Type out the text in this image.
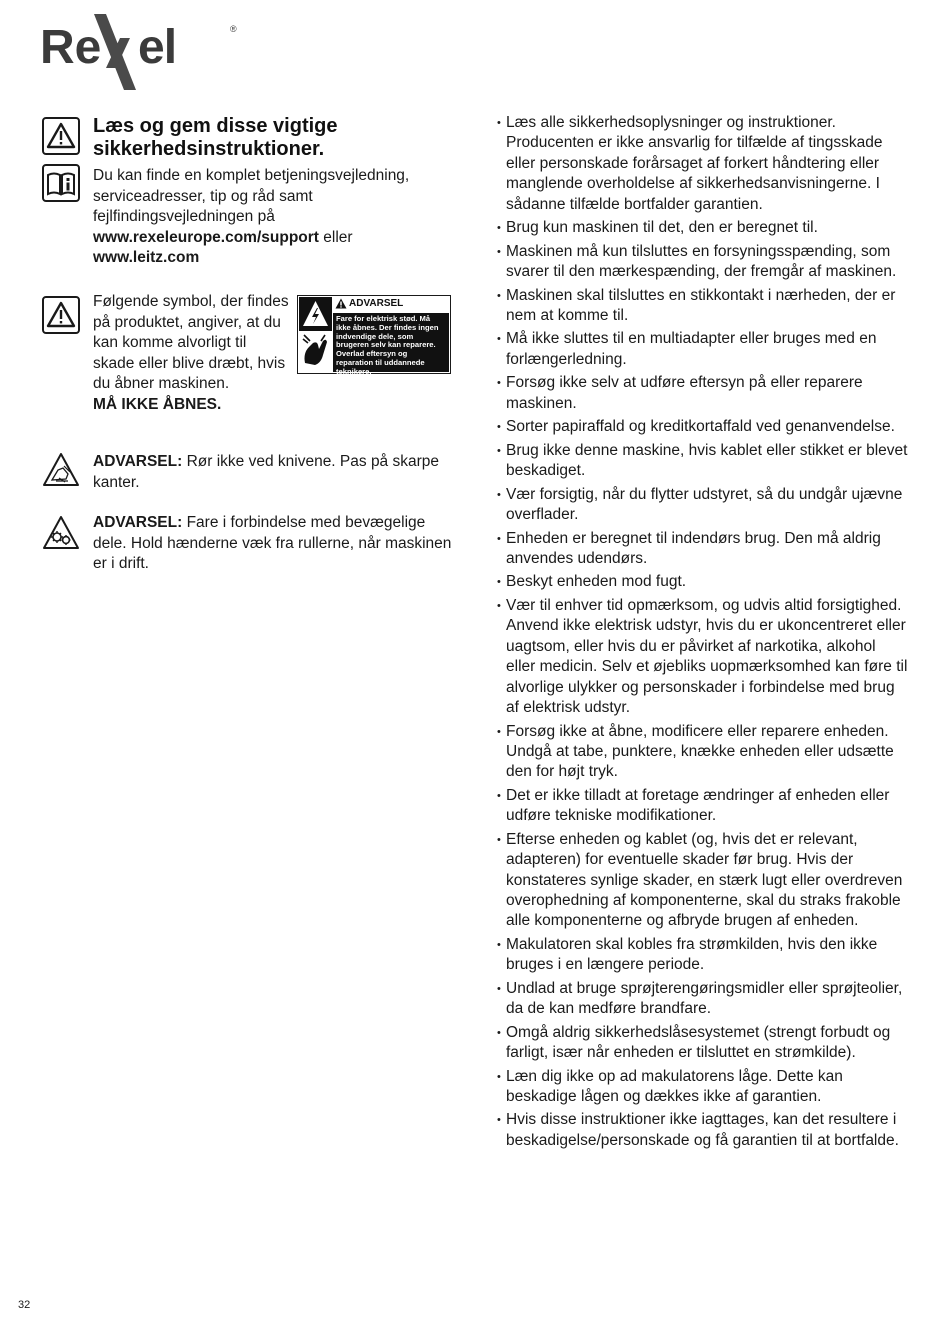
Re el	®
Læs og gem disse vigtige sikkerhedsinstruktioner.
Du kan finde en komplet betjeningsvejledning, serviceadresser, tip og råd samt fejlfindingsvejledningen på
www.rexeleurope.com/support eller
www.leitz.com
Følgende symbol, der findes på produktet, angiver, at du kan komme alvorligt til skade eller blive dræbt, hvis du åbner maskinen.
MÅ IKKE ÅBNES.
ADVARSEL
Fare for elektrisk stød. Må ikke åbnes. Der findes ingen indvendige dele, som brugeren selv kan reparere. Overlad eftersyn og reparation til uddannede teknikere.
ADVARSEL: Rør ikke ved knivene. Pas på skarpe kanter.
ADVARSEL: Fare i forbindelse med bevægelige dele. Hold hænderne væk fra rullerne, når maskinen er i drift.
• Læs alle sikkerhedsoplysninger og instruktioner. Producenten er ikke ansvarlig for tilfælde af tingsskade eller personskade forårsaget af forkert håndtering eller manglende overholdelse af sikkerhedsanvisningerne. I sådanne tilfælde bortfalder garantien.
• Brug kun maskinen til det, den er beregnet til.
• Maskinen må kun tilsluttes en forsyningsspænding, som svarer til den mærkespænding, der fremgår af maskinen.
• Maskinen skal tilsluttes en stikkontakt i nærheden, der er nem at komme til.
• Må ikke sluttes til en multiadapter eller bruges med en forlængerledning.
• Forsøg ikke selv at udføre eftersyn på eller reparere maskinen.
• Sorter papiraffald og kreditkortaffald ved genanvendelse.
• Brug ikke denne maskine, hvis kablet eller stikket er blevet beskadiget.
• Vær forsigtig, når du flytter udstyret, så du undgår ujævne overflader.
• Enheden er beregnet til indendørs brug. Den må aldrig anvendes udendørs.
• Beskyt enheden mod fugt.
• Vær til enhver tid opmærksom, og udvis altid forsigtighed. Anvend ikke elektrisk udstyr, hvis du er ukoncentreret eller uagtsom, eller hvis du er påvirket af narkotika, alkohol eller medicin. Selv et øjebliks uopmærksomhed kan føre til alvorlige ulykker og personskader i forbindelse med brug af elektrisk udstyr.
• Forsøg ikke at åbne, modificere eller reparere enheden. Undgå at tabe, punktere, knække enheden eller udsætte den for højt tryk.
• Det er ikke tilladt at foretage ændringer af enheden eller udføre tekniske modifikationer.
• Efterse enheden og kablet (og, hvis det er relevant, adapteren) for eventuelle skader før brug. Hvis der konstateres synlige skader, en stærk lugt eller overdreven overophedning af komponenterne, skal du straks frakoble alle komponenterne og afbryde brugen af enheden.
• Makulatoren skal kobles fra strømkilden, hvis den ikke bruges i en længere periode.
• Undlad at bruge sprøjterengøringsmidler eller sprøjteolier, da de kan medføre brandfare.
• Omgå aldrig sikkerhedslåsesystemet (strengt forbudt og farligt, især når enheden er tilsluttet en strømkilde).
• Læn dig ikke op ad makulatorens låge. Dette kan beskadige lågen og dækkes ikke af garantien.
• Hvis disse instruktioner ikke iagttages, kan det resultere i beskadigelse/personskade og få garantien til at bortfalde.
32
